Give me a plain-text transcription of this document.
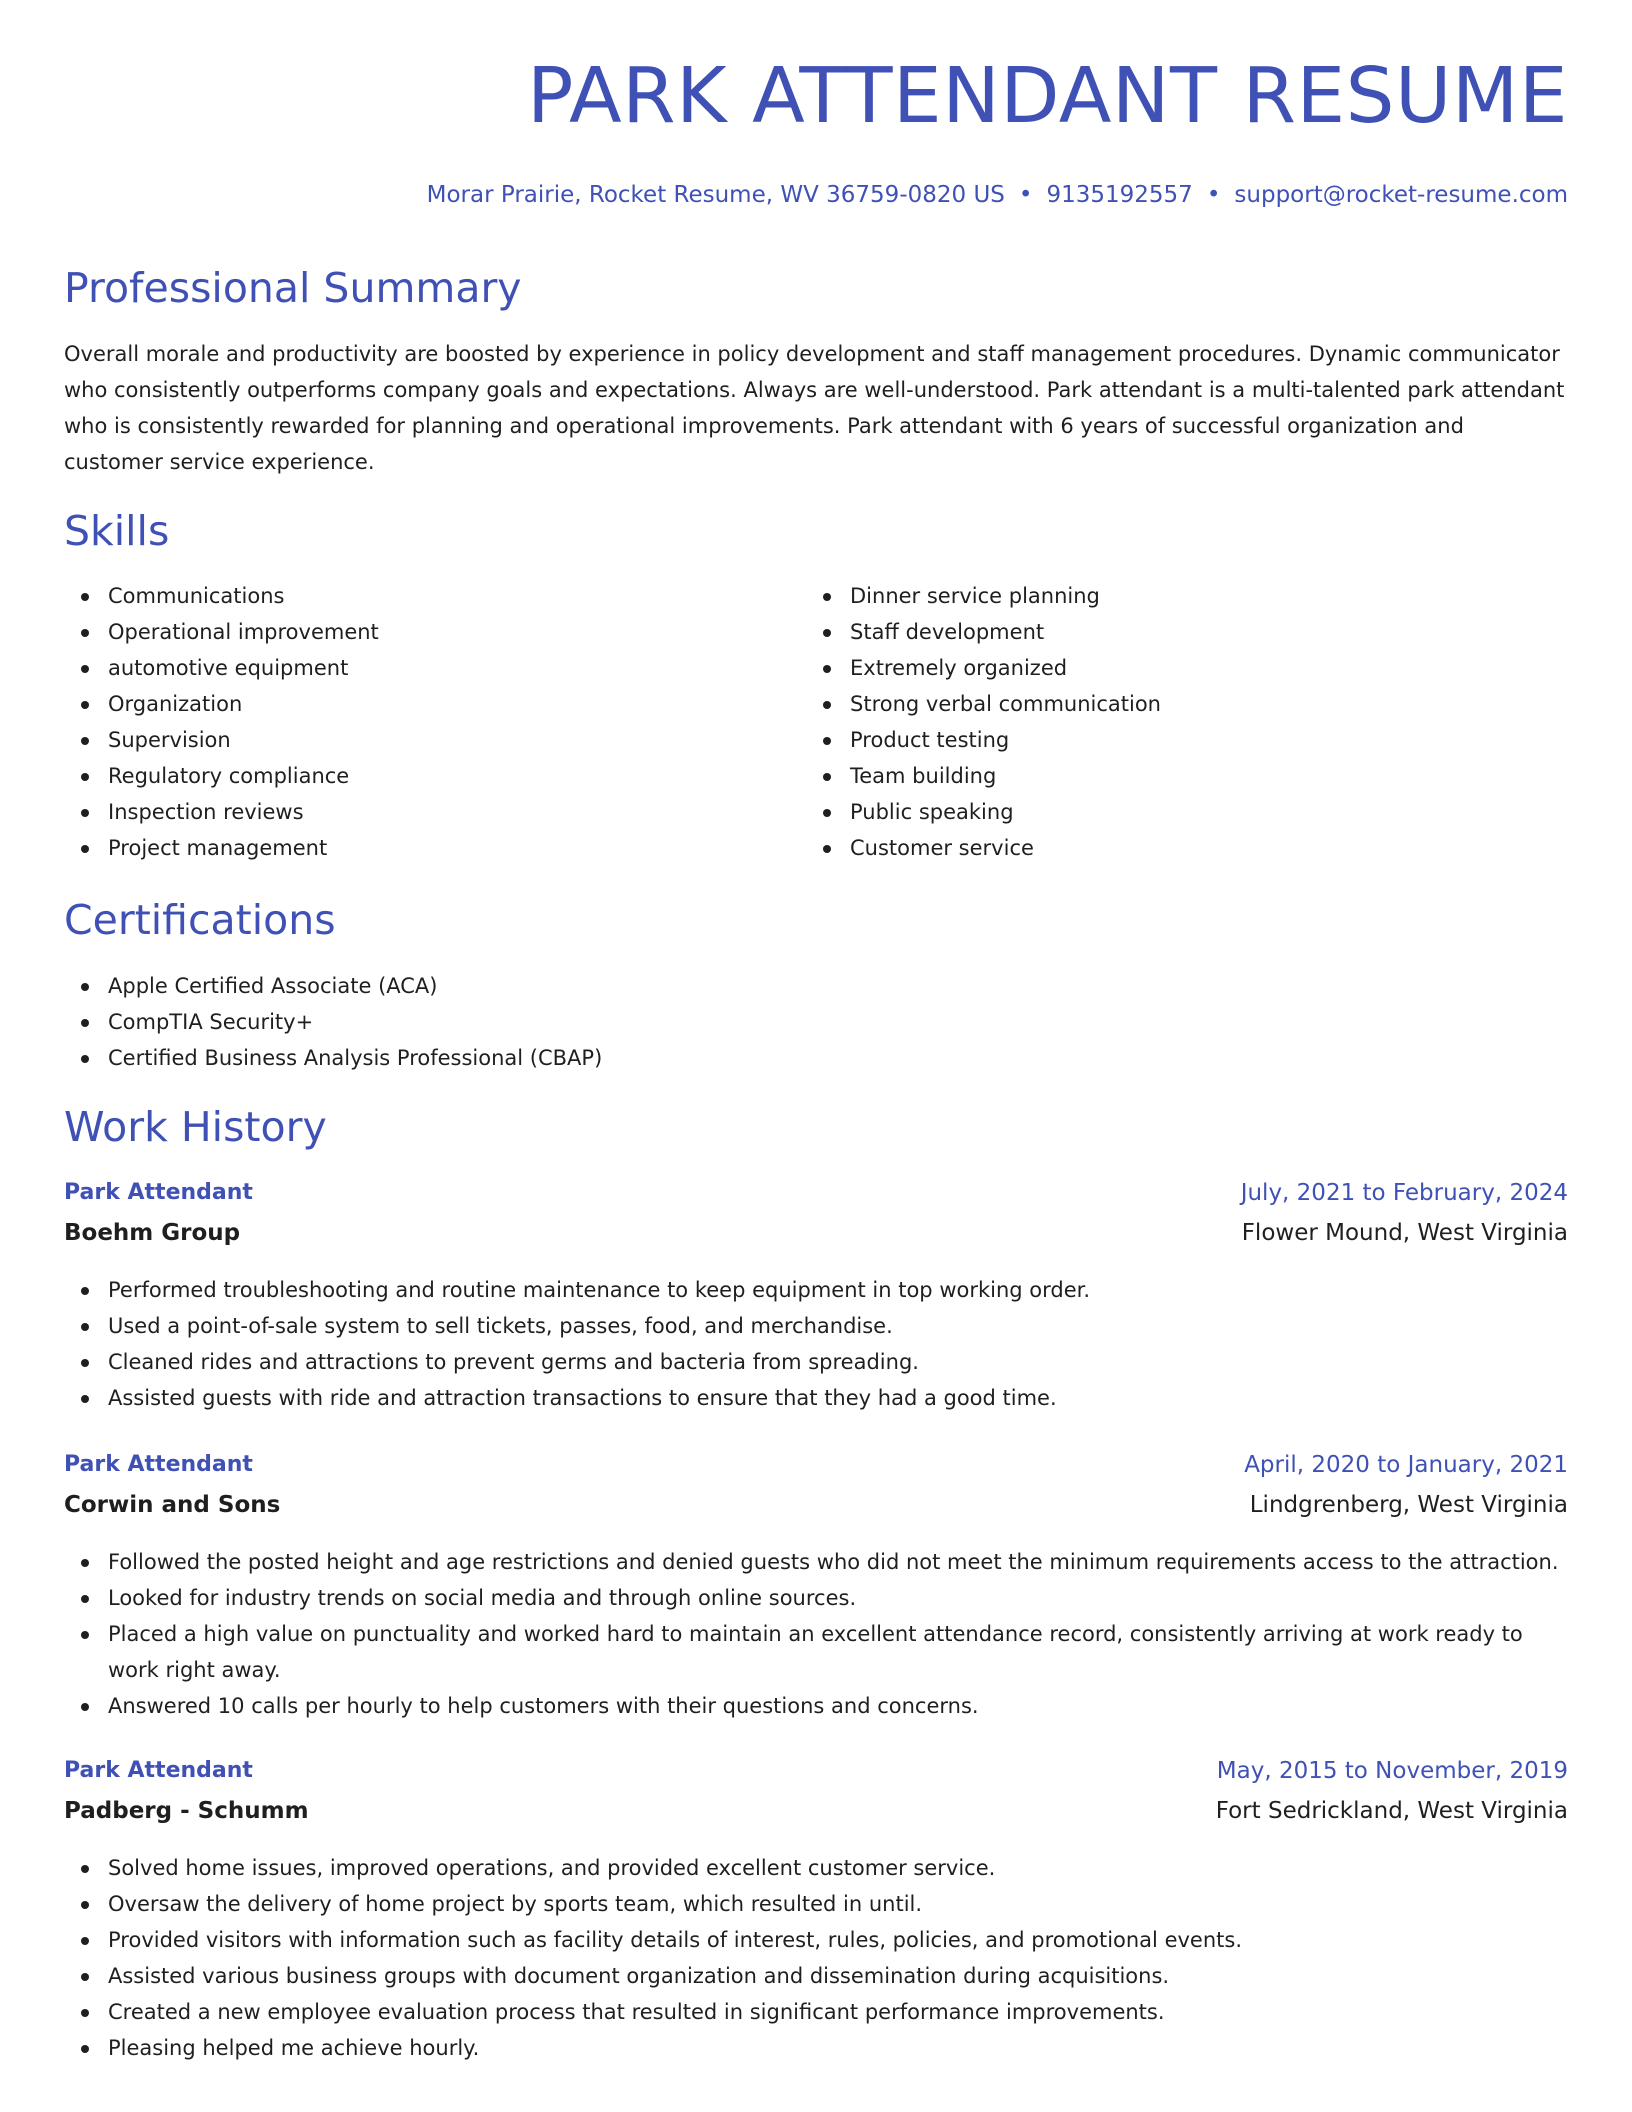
PARK ATTENDANT RESUME
Morar Prairie, Rocket Resume, WV 36759-0820 US • 9135192557 • support@rocket-resume.com
Professional Summary

Overall morale and productivity are boosted by experience in policy development and staff management procedures. Dynamic communicator who consistently outperforms company goals and expectations. Always are well-understood. Park attendant is a multi-talented park attendant who is consistently rewarded for planning and operational improvements. Park attendant with 6 years of successful organization and customer service experience.

Skills
Communications
Operational improvement
automotive equipment
Organization
Supervision
Regulatory compliance
Inspection reviews
Project management
Dinner service planning
Staff development
Extremely organized
Strong verbal communication
Product testing
Team building
Public speaking
Customer service
Certifications
Apple Certified Associate (ACA)
CompTIA Security+
Certified Business Analysis Professional (CBAP)
Work History
Park Attendant	July, 2021 to February, 2024
Boehm Group	Flower Mound, West Virginia
Performed troubleshooting and routine maintenance to keep equipment in top working order.
Used a point-of-sale system to sell tickets, passes, food, and merchandise.
Cleaned rides and attractions to prevent germs and bacteria from spreading.
Assisted guests with ride and attraction transactions to ensure that they had a good time.
Park Attendant	April, 2020 to January, 2021
Corwin and Sons	Lindgrenberg, West Virginia
Followed the posted height and age restrictions and denied guests who did not meet the minimum requirements access to the attraction.
Looked for industry trends on social media and through online sources.
Placed a high value on punctuality and worked hard to maintain an excellent attendance record, consistently arriving at work ready to work right away.
Answered 10 calls per hourly to help customers with their questions and concerns.
Park Attendant	May, 2015 to November, 2019
Padberg - Schumm	Fort Sedrickland, West Virginia
Solved home issues, improved operations, and provided excellent customer service.
Oversaw the delivery of home project by sports team, which resulted in until.
Provided visitors with information such as facility details of interest, rules, policies, and promotional events.
Assisted various business groups with document organization and dissemination during acquisitions.
Created a new employee evaluation process that resulted in significant performance improvements.
Pleasing helped me achieve hourly.
